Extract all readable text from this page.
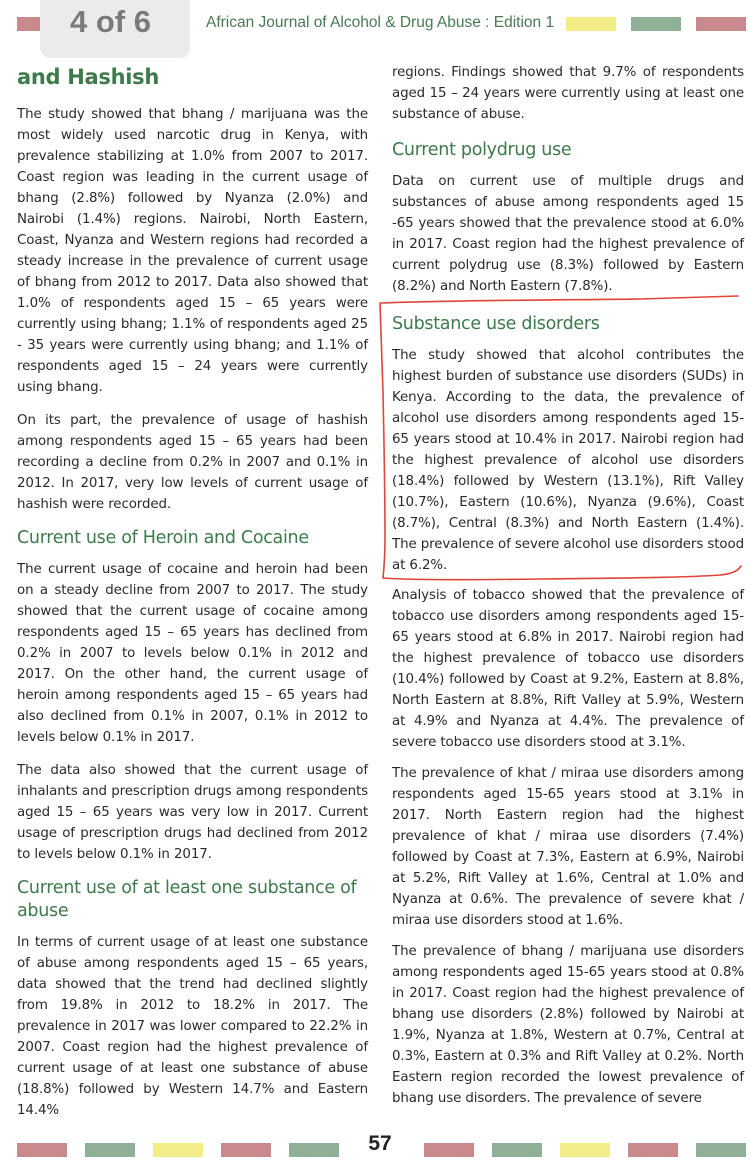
4 of 6	African Journal of Alcohol & Drug Abuse : Edition 1
and Hashish

The study showed that bhang / marijuana was the most widely used narcotic drug in Kenya, with prevalence stabilizing at 1.0% from 2007 to 2017. Coast region was leading in the current usage of bhang (2.8%) followed by Nyanza (2.0%) and Nairobi (1.4%) regions. Nairobi, North Eastern, Coast, Nyanza and Western regions had recorded a steady increase in the prevalence of current usage of bhang from 2012 to 2017. Data also showed that 1.0% of respondents aged 15 – 65 years were currently using bhang; 1.1% of respondents aged 25 - 35 years were currently using bhang; and 1.1% of respondents aged 15 – 24 years were currently using bhang.

On its part, the prevalence of usage of hashish among respondents aged 15 – 65 years had been recording a decline from 0.2% in 2007 and 0.1% in 2012. In 2017, very low levels of current usage of hashish were recorded.

Current use of Heroin and Cocaine

The current usage of cocaine and heroin had been on a steady decline from 2007 to 2017. The study showed that the current usage of cocaine among respondents aged 15 – 65 years has declined from 0.2% in 2007 to levels below 0.1% in 2012 and 2017. On the other hand, the current usage of heroin among respondents aged 15 – 65 years had also declined from 0.1% in 2007, 0.1% in 2012 to levels below 0.1% in 2017.

The data also showed that the current usage of inhalants and prescription drugs among respondents aged 15 – 65 years was very low in 2017. Current usage of prescription drugs had declined from 2012 to levels below 0.1% in 2017.

Current use of at least one substance of abuse

In terms of current usage of at least one substance of abuse among respondents aged 15 – 65 years, data showed that the trend had declined slightly from 19.8% in 2012 to 18.2% in 2017. The prevalence in 2017 was lower compared to 22.2% in 2007. Coast region had the highest prevalence of current usage of at least one substance of abuse (18.8%) followed by Western 14.7% and Eastern 14.4%

regions. Findings showed that 9.7% of respondents aged 15 – 24 years were currently using at least one substance of abuse.

Current polydrug use

Data on current use of multiple drugs and substances of abuse among respondents aged 15 -65 years showed that the prevalence stood at 6.0% in 2017. Coast region had the highest prevalence of current polydrug use (8.3%) followed by Eastern (8.2%) and North Eastern (7.8%).

Substance use disorders

The study showed that alcohol contributes the highest burden of substance use disorders (SUDs) in Kenya. According to the data, the prevalence of alcohol use disorders among respondents aged 15-65 years stood at 10.4% in 2017. Nairobi region had the highest prevalence of alcohol use disorders (18.4%) followed by Western (13.1%), Rift Valley (10.7%), Eastern (10.6%), Nyanza (9.6%), Coast (8.7%), Central (8.3%) and North Eastern (1.4%). The prevalence of severe alcohol use disorders stood at 6.2%.

Analysis of tobacco showed that the prevalence of tobacco use disorders among respondents aged 15-65 years stood at 6.8% in 2017. Nairobi region had the highest prevalence of tobacco use disorders (10.4%) followed by Coast at 9.2%, Eastern at 8.8%, North Eastern at 8.8%, Rift Valley at 5.9%, Western at 4.9% and Nyanza at 4.4%. The prevalence of severe tobacco use disorders stood at 3.1%.

The prevalence of khat / miraa use disorders among respondents aged 15-65 years stood at 3.1% in 2017. North Eastern region had the highest prevalence of khat / miraa use disorders (7.4%) followed by Coast at 7.3%, Eastern at 6.9%, Nairobi at 5.2%, Rift Valley at 1.6%, Central at 1.0% and Nyanza at 0.6%. The prevalence of severe khat / miraa use disorders stood at 1.6%.

The prevalence of bhang / marijuana use disorders among respondents aged 15-65 years stood at 0.8% in 2017. Coast region had the highest prevalence of bhang use disorders (2.8%) followed by Nairobi at 1.9%, Nyanza at 1.8%, Western at 0.7%, Central at 0.3%, Eastern at 0.3% and Rift Valley at 0.2%. North Eastern region recorded the lowest prevalence of bhang use disorders. The prevalence of severe

57
